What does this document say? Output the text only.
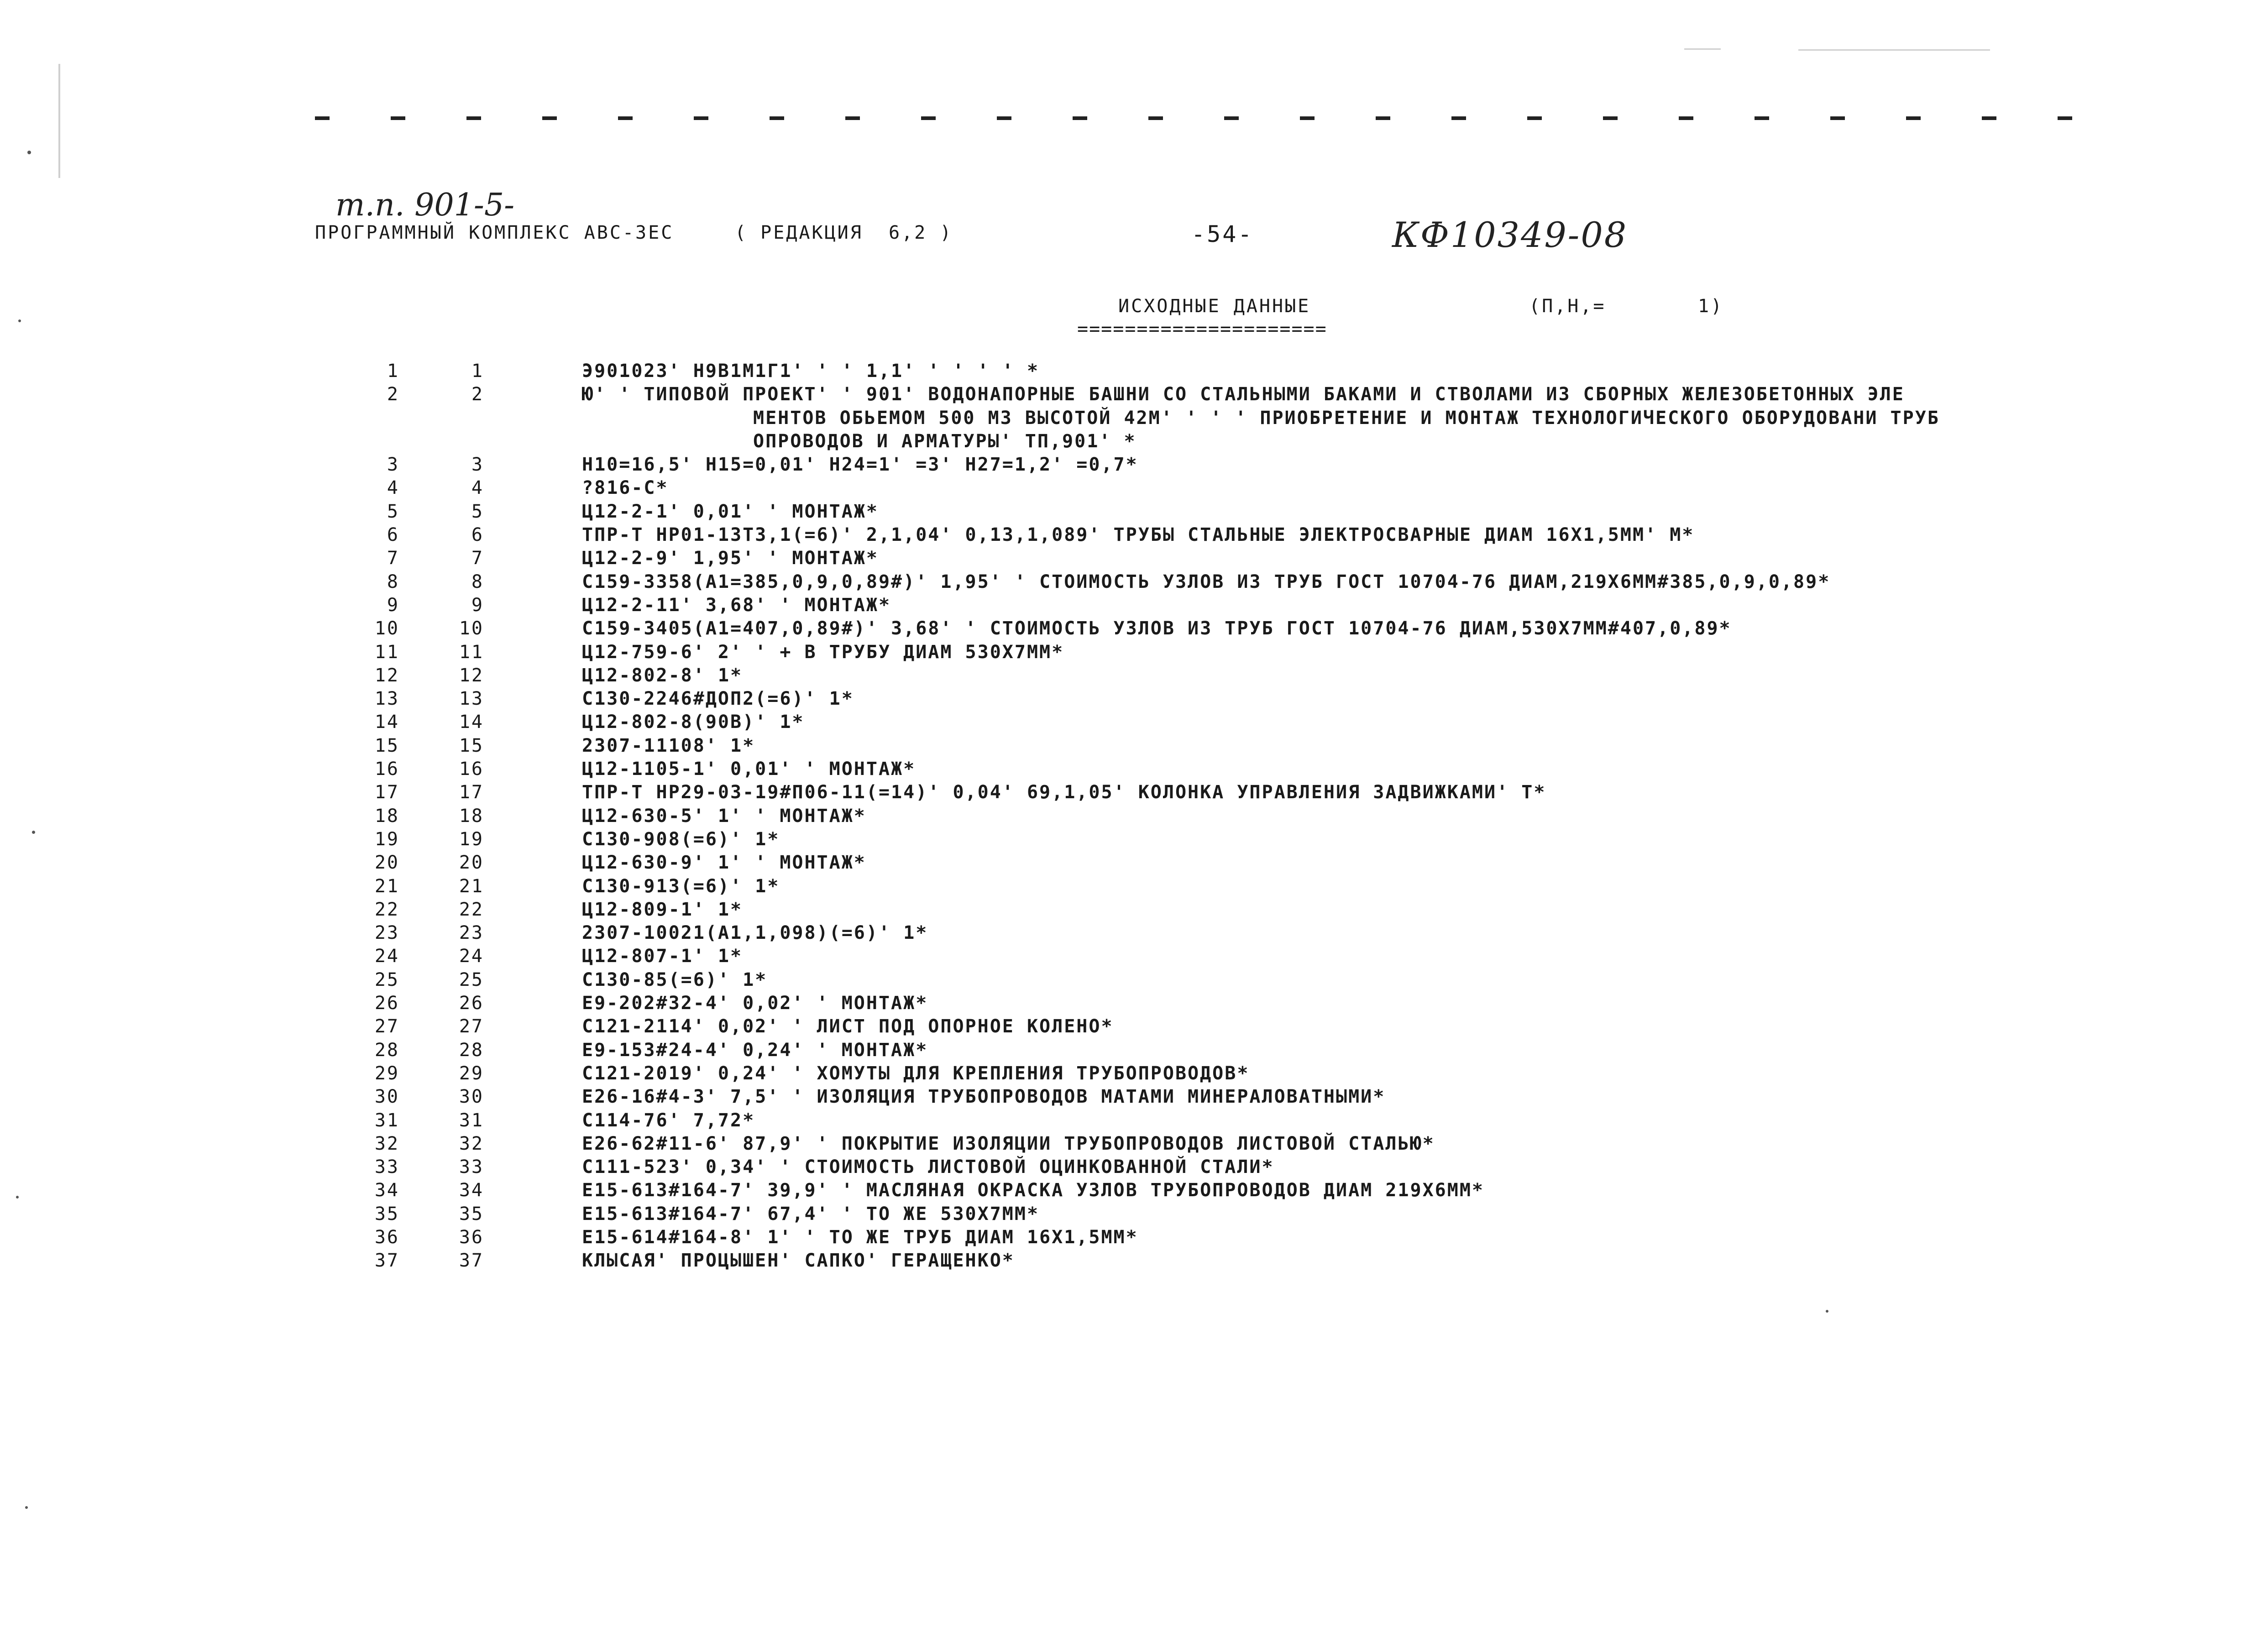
т.п. 901-5-
КФ10349-08
ПРОГРАММНЫЙ КОМПЛЕКС АВС-3ЕС	( РЕДАКЦИЯ  6,2 )	-54-
ИСХОДНЫЕ ДАННЫЕ	(П,Н,=	1)
=====================
1	1	Э901023' Н9В1М1Г1' ' ' 1,1' ' ' ' ' *
2	2	Ю' ' ТИПОВОЙ ПРОЕКТ' ' 901' ВОДОНАПОРНЫЕ БАШНИ СО СТАЛЬНЫМИ БАКАМИ И СТВОЛАМИ ИЗ СБОРНЫХ ЖЕЛЕЗОБЕТОННЫХ ЭЛЕ
МЕНТОВ ОБЬЕМОМ 500 М3 ВЫСОТОЙ 42М' ' ' ' ПРИОБРЕТЕНИЕ И МОНТАЖ ТЕХНОЛОГИЧЕСКОГО ОБОРУДОВАНИ ТРУБ
ОПРОВОДОВ И АРМАТУРЫ' ТП,901' *
3	3	Н10=16,5' Н15=0,01' Н24=1' =3' Н27=1,2' =0,7*
4	4	?816-С*
5	5	Ц12-2-1' 0,01' ' МОНТАЖ*
6	6	ТПР-Т НР01-13Т3,1(=6)' 2,1,04' 0,13,1,089' ТРУБЫ СТАЛЬНЫЕ ЭЛЕКТРОСВАРНЫЕ ДИАМ 16Х1,5ММ' М*
7	7	Ц12-2-9' 1,95' ' МОНТАЖ*
8	8	С159-3358(А1=385,0,9,0,89#)' 1,95' ' СТОИМОСТЬ УЗЛОВ ИЗ ТРУБ ГОСТ 10704-76 ДИАМ,219Х6ММ#385,0,9,0,89*
9	9	Ц12-2-11' 3,68' ' МОНТАЖ*
10	10	С159-3405(А1=407,0,89#)' 3,68' ' СТОИМОСТЬ УЗЛОВ ИЗ ТРУБ ГОСТ 10704-76 ДИАМ,530Х7ММ#407,0,89*
11	11	Ц12-759-6' 2' ' + В ТРУБУ ДИАМ 530Х7ММ*
12	12	Ц12-802-8' 1*
13	13	С130-2246#ДОП2(=6)' 1*
14	14	Ц12-802-8(90В)' 1*
15	15	2307-11108' 1*
16	16	Ц12-1105-1' 0,01' ' МОНТАЖ*
17	17	ТПР-Т НР29-03-19#П06-11(=14)' 0,04' 69,1,05' КОЛОНКА УПРАВЛЕНИЯ ЗАДВИЖКАМИ' Т*
18	18	Ц12-630-5' 1' ' МОНТАЖ*
19	19	С130-908(=6)' 1*
20	20	Ц12-630-9' 1' ' МОНТАЖ*
21	21	С130-913(=6)' 1*
22	22	Ц12-809-1' 1*
23	23	2307-10021(А1,1,098)(=6)' 1*
24	24	Ц12-807-1' 1*
25	25	С130-85(=6)' 1*
26	26	Е9-202#32-4' 0,02' ' МОНТАЖ*
27	27	С121-2114' 0,02' ' ЛИСТ ПОД ОПОРНОЕ КОЛЕНО*
28	28	Е9-153#24-4' 0,24' ' МОНТАЖ*
29	29	С121-2019' 0,24' ' ХОМУТЫ ДЛЯ КРЕПЛЕНИЯ ТРУБОПРОВОДОВ*
30	30	Е26-16#4-3' 7,5' ' ИЗОЛЯЦИЯ ТРУБОПРОВОДОВ МАТАМИ МИНЕРАЛОВАТНЫМИ*
31	31	С114-76' 7,72*
32	32	Е26-62#11-6' 87,9' ' ПОКРЫТИЕ ИЗОЛЯЦИИ ТРУБОПРОВОДОВ ЛИСТОВОЙ СТАЛЬЮ*
33	33	С111-523' 0,34' ' СТОИМОСТЬ ЛИСТОВОЙ ОЦИНКОВАННОЙ СТАЛИ*
34	34	Е15-613#164-7' 39,9' ' МАСЛЯНАЯ ОКРАСКА УЗЛОВ ТРУБОПРОВОДОВ ДИАМ 219Х6ММ*
35	35	Е15-613#164-7' 67,4' ' ТО ЖЕ 530Х7ММ*
36	36	Е15-614#164-8' 1' ' ТО ЖЕ ТРУБ ДИАМ 16Х1,5ММ*
37	37	КЛЫСАЯ' ПРОЦЫШЕН' САПКО' ГЕРАЩЕНКО*
